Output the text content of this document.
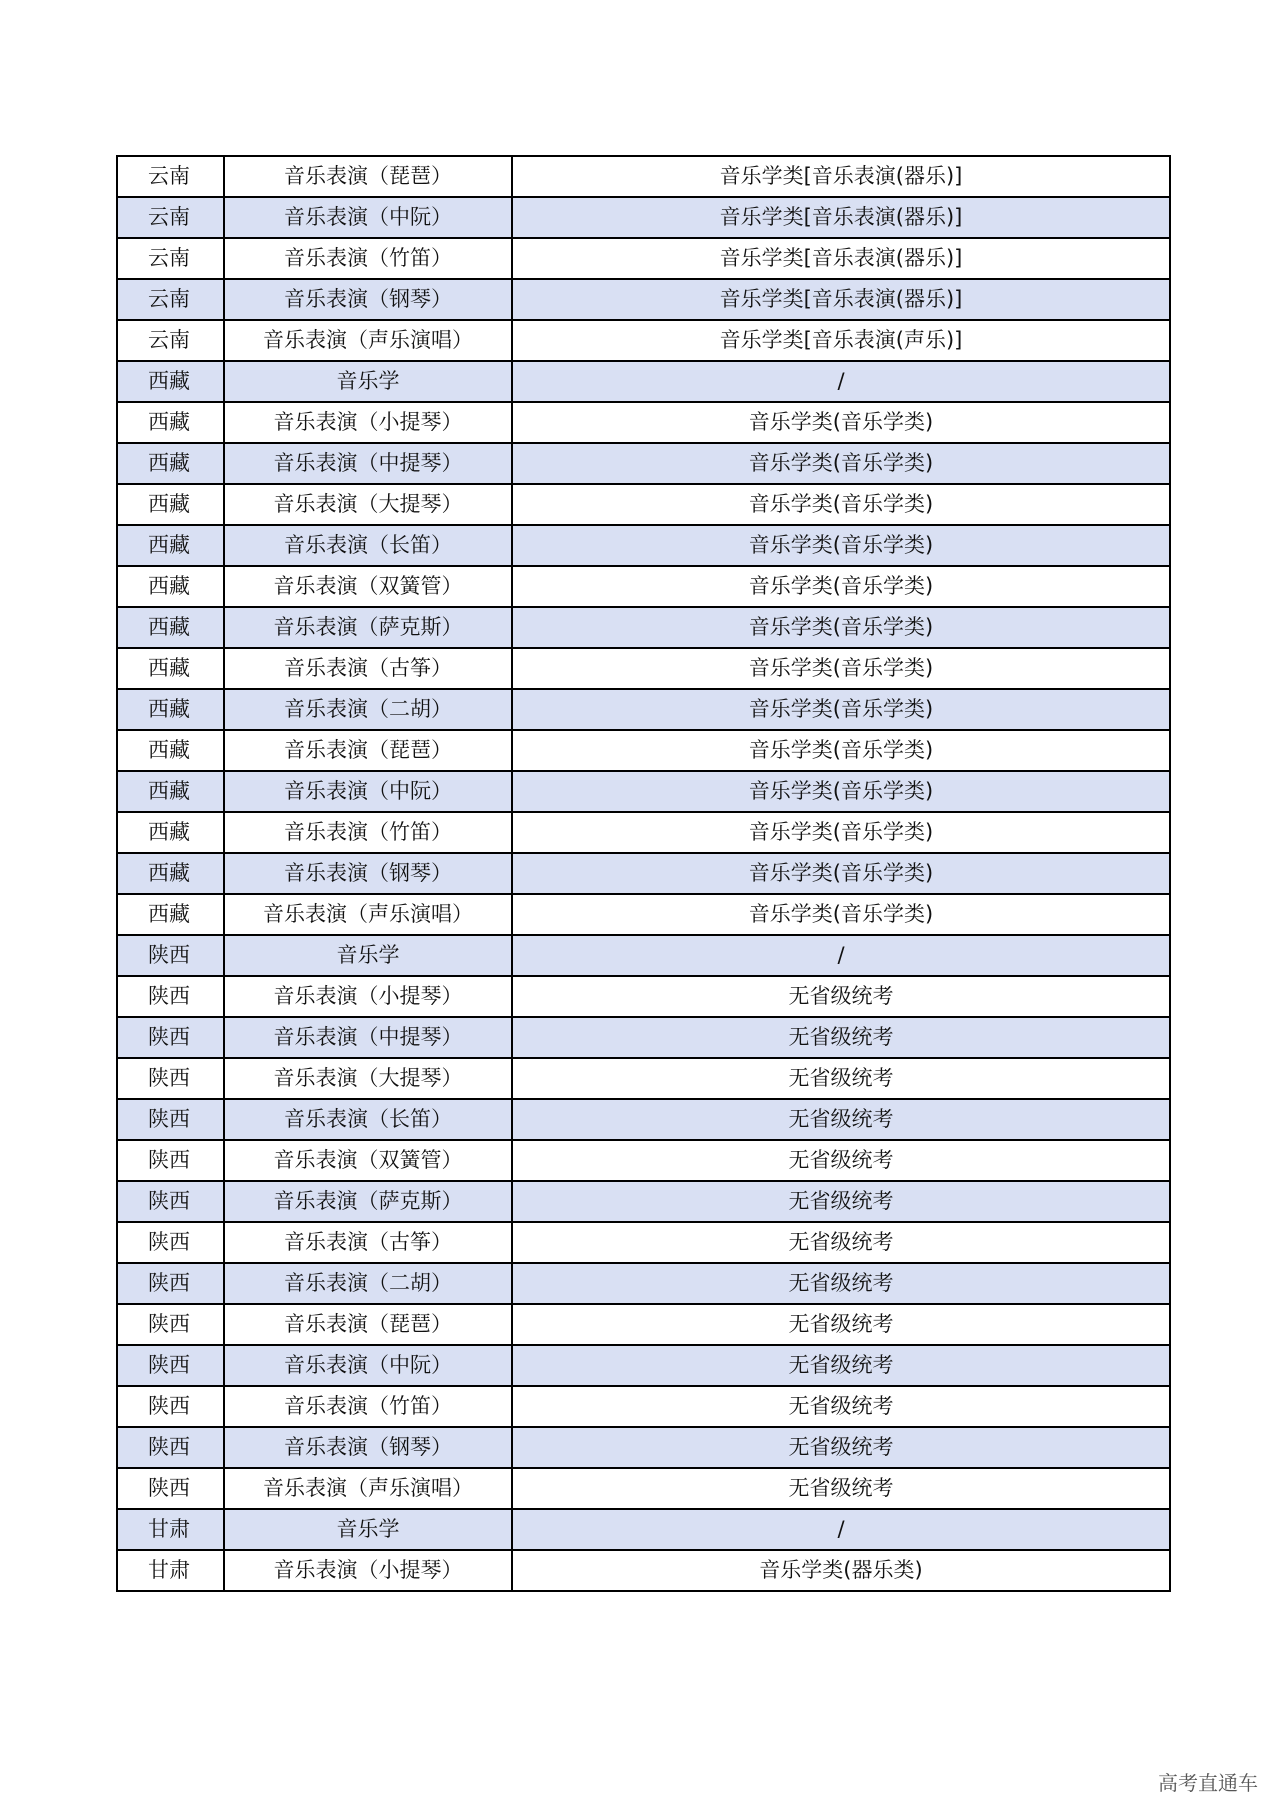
云南	音乐表演（琵琶）	音乐学类[音乐表演(器乐)]
云南	音乐表演（中阮）	音乐学类[音乐表演(器乐)]
云南	音乐表演（竹笛）	音乐学类[音乐表演(器乐)]
云南	音乐表演（钢琴）	音乐学类[音乐表演(器乐)]
云南	音乐表演（声乐演唱）	音乐学类[音乐表演(声乐)]
西藏	音乐学	/
西藏	音乐表演（小提琴）	音乐学类(音乐学类)
西藏	音乐表演（中提琴）	音乐学类(音乐学类)
西藏	音乐表演（大提琴）	音乐学类(音乐学类)
西藏	音乐表演（长笛）	音乐学类(音乐学类)
西藏	音乐表演（双簧管）	音乐学类(音乐学类)
西藏	音乐表演（萨克斯）	音乐学类(音乐学类)
西藏	音乐表演（古筝）	音乐学类(音乐学类)
西藏	音乐表演（二胡）	音乐学类(音乐学类)
西藏	音乐表演（琵琶）	音乐学类(音乐学类)
西藏	音乐表演（中阮）	音乐学类(音乐学类)
西藏	音乐表演（竹笛）	音乐学类(音乐学类)
西藏	音乐表演（钢琴）	音乐学类(音乐学类)
西藏	音乐表演（声乐演唱）	音乐学类(音乐学类)
陕西	音乐学	/
陕西	音乐表演（小提琴）	无省级统考
陕西	音乐表演（中提琴）	无省级统考
陕西	音乐表演（大提琴）	无省级统考
陕西	音乐表演（长笛）	无省级统考
陕西	音乐表演（双簧管）	无省级统考
陕西	音乐表演（萨克斯）	无省级统考
陕西	音乐表演（古筝）	无省级统考
陕西	音乐表演（二胡）	无省级统考
陕西	音乐表演（琵琶）	无省级统考
陕西	音乐表演（中阮）	无省级统考
陕西	音乐表演（竹笛）	无省级统考
陕西	音乐表演（钢琴）	无省级统考
陕西	音乐表演（声乐演唱）	无省级统考
甘肃	音乐学	/
甘肃	音乐表演（小提琴）	音乐学类(器乐类)
高考直通车
